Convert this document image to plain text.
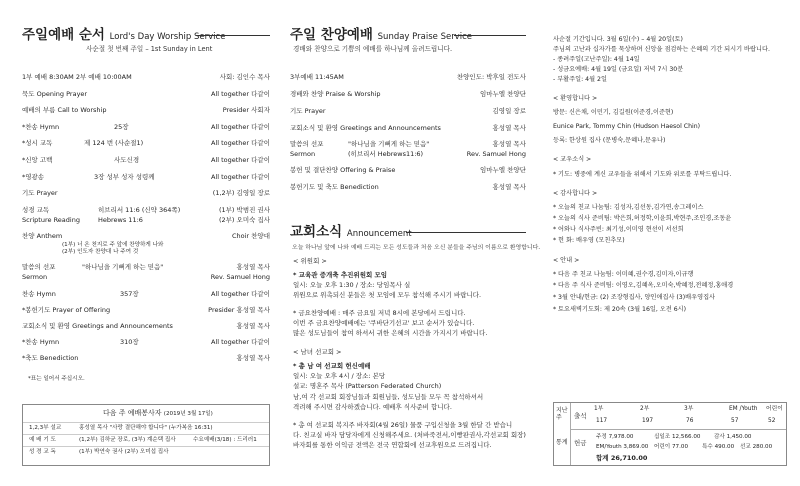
주일예배 순서 Lord's Day Worship Service
사순절 첫 번째 주일 – 1st Sunday in Lent
1부 예배 8:30AM 2부 예배 10:00AM	사회: 김인수 목사
묵도 Opening Prayer	All together 다같이
예배의 부름 Call to Worship	Presider 사회자
*찬송 Hymn	25장	All together 다같이
*성시 교독	제 124 번 (사순절1)	All together 다같이
*신앙 고백	사도신경	All together 다같이
*영광송	3장 성부 성자 성령께	All together 다같이
기도 Prayer	(1,2부) 김영일 장로
성경 교독	히브리서 11:6 (신약 364쪽)	(1부) 박범진 권사
Scripture Reading	Hebrews 11:6	(2부) 오미숙 집사
찬양 Anthem	Choir 찬양대
말씀의 선포	"하나님을 기뻐게 하는 믿음"	홍성열 목사
Sermon	Rev. Samuel Hong
찬송 Hymn	357장	All together 다같이
*봉헌기도 Prayer of Offering	Presider 홍성열 목사
교회소식 및 환영 Greetings and Announcements	홍성열 목사
*찬송 Hymn	310장	All together 다같이
*축도 Benediction	홍성열 목사
(1부) 너 온 천지로 주 앞에 찬양하게 나와
(2부) 인도자 찬양대 나 주여 것
*표는 일어서 주십시오.
다음 주 예배봉사자 (2019년 3월 17일)
1,2,3부 설교	홍성열 목사 "사랑 결단해야 합니다" (누가복음 16:31)
예 배 기 도	(1,2부) 김하균 장로, (3부) 계순택 집사	수요예배(3/18) : 드리러1
성 경 교 독	(1부) 박연숙 권사 (2부) 오미섭 집사
주일 찬양예배 Sunday Praise Service
경배와 찬양으로 기쁨의 예배를 하나님께 올려드립니다.
3부예배 11:45AM	찬양인도: 박후일 전도사
경배와 찬양 Praise & Worship	임마누엘 찬양단
기도 Prayer	김영일 장로
교회소식 및 환영 Greetings and Announcements	홍성열 목사
말씀의 선포	"하나님을 기뻐게 하는 믿음"	홍성열 목사
Sermon	(히브리서 Hebrews11:6)	Rev. Samuel Hong
봉헌 및 결단찬양 Offering & Praise	임마누엘 찬양단
봉헌기도 및 축도 Benediction	홍성열 목사
교회소식 Announcement
오늘 하나님 앞에 나와 예배 드리는 모든 성도들과 처음 오신 분들을 주님의 이름으로 환영합니다.
< 위원회 >
* 교육관 증개축 추진위원회 모임
일시: 오늘 오후 1:30 / 장소: 당임목사 실
위원으로 위촉되신 분들은 첫 모임에 모두 참석해 주시기 바랍니다.
* 금요찬양예배 : 매주 금요일 저녁 8시에 본당에서 드립니다.
이번 주 금요찬양예배에는 '쿠바단기선교' 보고 순서가 있습니다.
많은 성도님들이 참여 하셔서 귀한 은혜의 시간을 가지시기 바랍니다.
< 남녀 선교회 >
* 총 남 여 선교회 헌신예배
일시: 오늘 오후 4시 / 장소: 본당
설교: 명혼주 목사 (Patterson Federated Church)
남,여 각 선교회 회장님들과 회원님들, 성도님들 모두 꼭 참석하셔서
격려해 주시면 감사하겠습니다. 예배후 식사준비 합니다.
* 총 여 선교회 복지주 바자회(4월 26일) 물품 구입신청을 3월 한달 간 받습니
다. 친교실 바자 담당자에게 신청해주세요. (처바죽전서,이빵판권사,각선교회 회장)
바자회를 통한 이익금 전액은 전국 연합회에 선교후원으로 드려집니다.
사순절 기간입니다. 3월 6일(수) – 4월 20일(토)
주님의 고난과 십자가를 묵상하며 신앙을 점검하는 은혜의 기간 되시기 바랍니다.
- 종려주일(고난주일): 4월 14일
- 성금요예배: 4월 19일 (금요일) 저녁 7시 30분
- 부활주일: 4월 2일
< 환영합니다 >
방문: 신은채, 이민기, 김길원(이준경,이준현)
Eunice Park, Tommy Chin (Hudson Haesol Chin)
등록: 한상원 집사 (문병숙,문혜나,문유나)
< 교우소식 >
* 기도: 병중에 계신 교우들을 위해서 기도와 위로를 부탁드립니다.
< 감사합니다 >
* 오늘의 친교 나눔팀: 김성자,김선동,김가연,송그레이스
* 오늘의 식사 준비팀: 박은희,허정학,이윤희,박현주,조인경,조동윤
* 어와나 식사주빈: 최기성,이미영 현선이 서선희
* 헌 화: 배우영 (모친추모)
< 안내 >
* 다음 주 친교 나눔팀: 이미혜,권수경,김미자,이규행
* 다음 주 식사 준비팀: 이영오,김혜옥,오미숙,박혜정,전혜정,홍애경
* 3월 안내/헌금: (2) 조장형집사, 양인애집사 (3)배우영집사
* 토요새벽기도회: 제 20속 (3월 16일, 오전 6시)
지난 주
통계
출석
1부	2부	3부	EM /Youth 어린이
117	197	76	57	52
헌금
주정 7,978.00	십일조 12,566.00 감사 1,450.00
EM/Youth 3,869.00 어린이 77.00 특수 490.00 선교 280.00
합계 26,710.00
